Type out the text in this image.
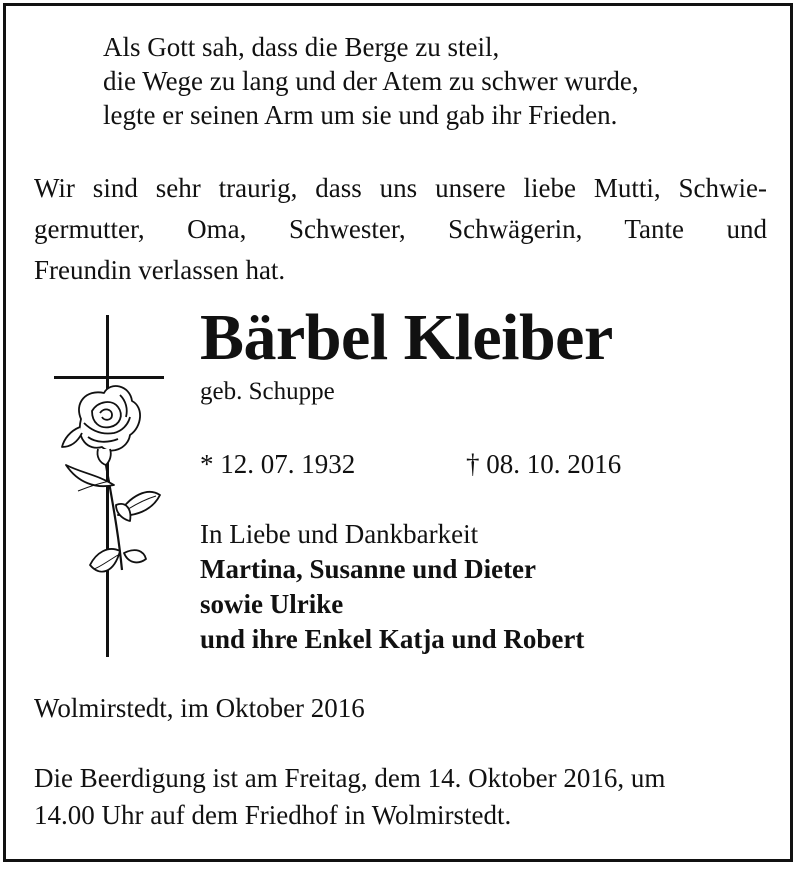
Als Gott sah, dass die Berge zu steil,
die Wege zu lang und der Atem zu schwer wurde,
legte er seinen Arm um sie und gab ihr Frieden.
Wir sind sehr traurig, dass uns unsere liebe Mutti, Schwie-
germutter, Oma, Schwester, Schwägerin, Tante und
Freundin verlassen hat.
Bärbel Kleiber
geb. Schuppe
* 12. 07. 1932	† 08. 10. 2016
In Liebe und Dankbarkeit
Martina, Susanne und Dieter
sowie Ulrike
und ihre Enkel Katja und Robert
Wolmirstedt, im Oktober 2016
Die Beerdigung ist am Freitag, dem 14. Oktober 2016, um
14.00 Uhr auf dem Friedhof in Wolmirstedt.
